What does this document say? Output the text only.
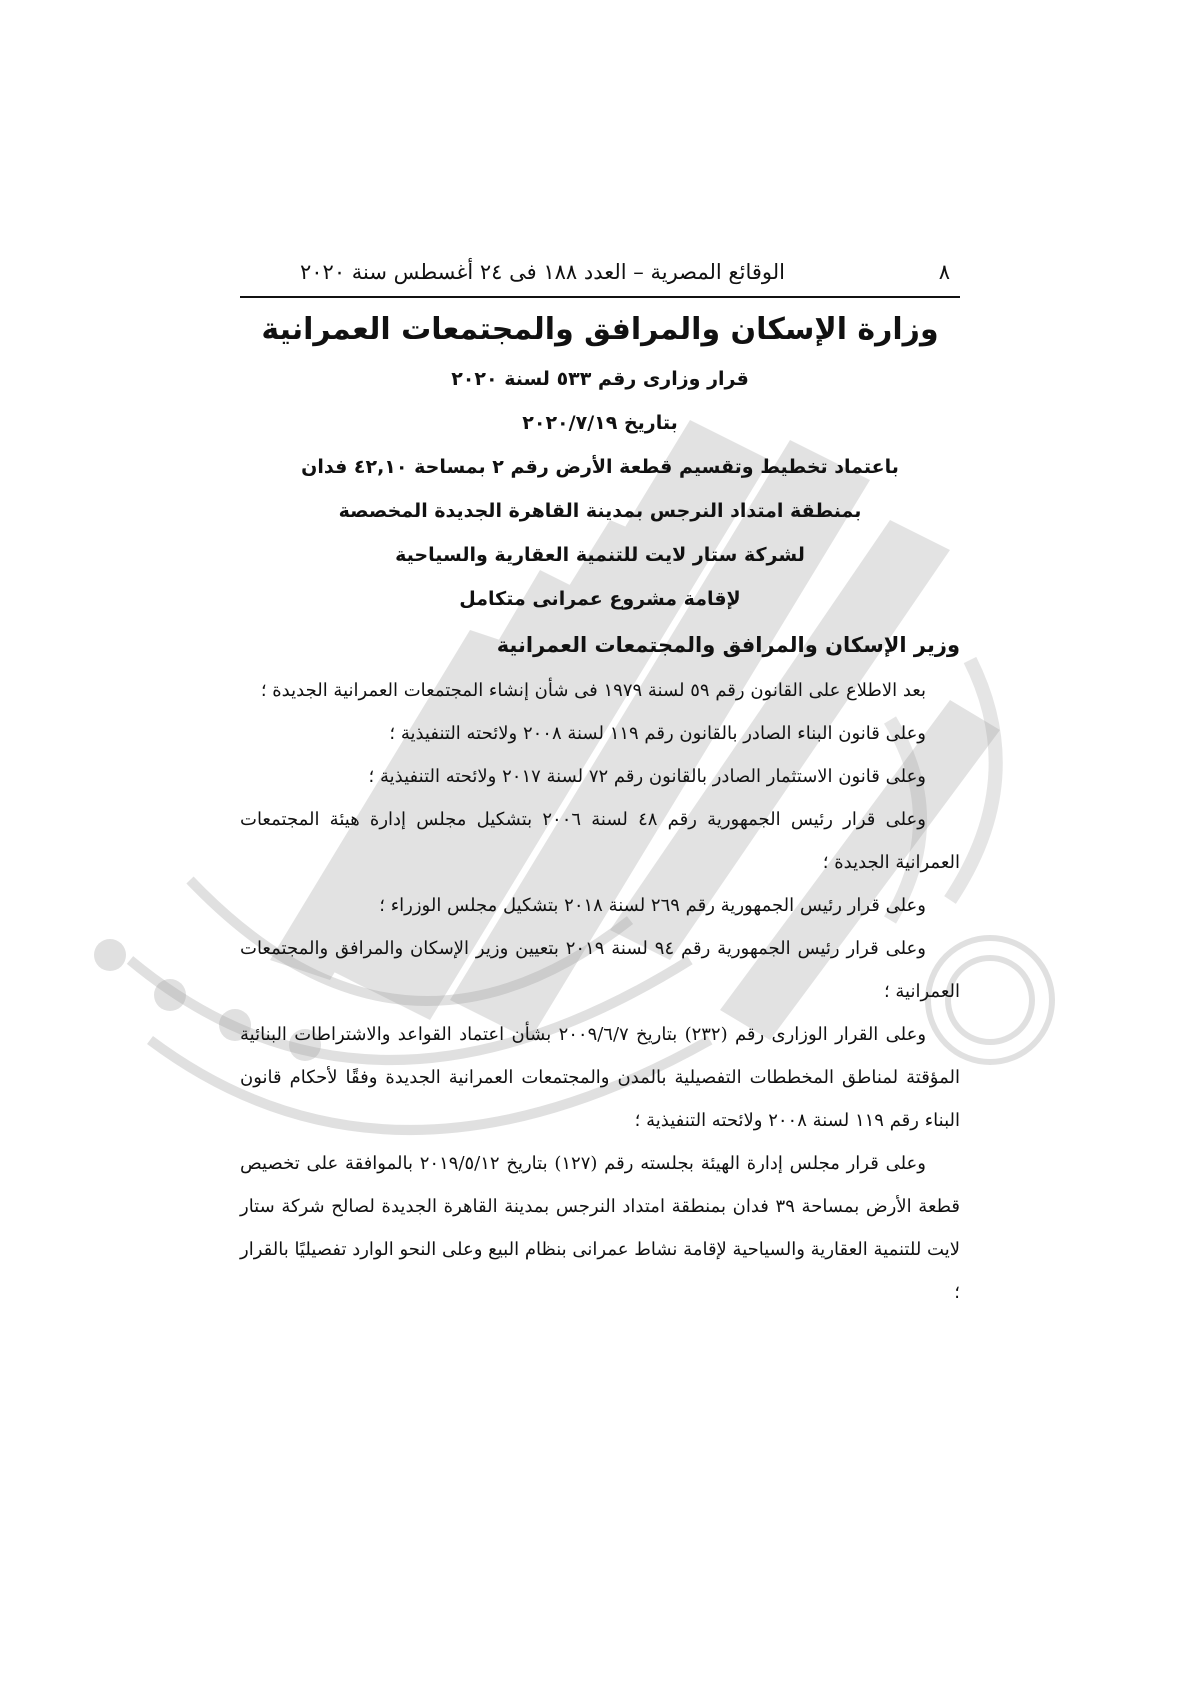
٨
الوقائع المصرية – العدد ١٨٨ فى ٢٤ أغسطس سنة ٢٠٢٠
وزارة الإسكان والمرافق والمجتمعات العمرانية
قرار وزارى رقم ٥٣٣ لسنة ٢٠٢٠
بتاريخ ٢٠٢٠/٧/١٩
باعتماد تخطيط وتقسيم قطعة الأرض رقم ٢ بمساحة ٤٢,١٠ فدان
بمنطقة امتداد النرجس بمدينة القاهرة الجديدة المخصصة
لشركة ستار لايت للتنمية العقارية والسياحية
لإقامة مشروع عمرانى متكامل
وزير الإسكان والمرافق والمجتمعات العمرانية

بعد الاطلاع على القانون رقم ٥٩ لسنة ١٩٧٩ فى شأن إنشاء المجتمعات العمرانية الجديدة ؛

وعلى قانون البناء الصادر بالقانون رقم ١١٩ لسنة ٢٠٠٨ ولائحته التنفيذية ؛

وعلى قانون الاستثمار الصادر بالقانون رقم ٧٢ لسنة ٢٠١٧ ولائحته التنفيذية ؛

وعلى قرار رئيس الجمهورية رقم ٤٨ لسنة ٢٠٠٦ بتشكيل مجلس إدارة هيئة المجتمعات العمرانية الجديدة ؛

وعلى قرار رئيس الجمهورية رقم ٢٦٩ لسنة ٢٠١٨ بتشكيل مجلس الوزراء ؛

وعلى قرار رئيس الجمهورية رقم ٩٤ لسنة ٢٠١٩ بتعيين وزير الإسكان والمرافق والمجتمعات العمرانية ؛

وعلى القرار الوزارى رقم (٢٣٢) بتاريخ ٢٠٠٩/٦/٧ بشأن اعتماد القواعد والاشتراطات البنائية المؤقتة لمناطق المخططات التفصيلية بالمدن والمجتمعات العمرانية الجديدة وفقًا لأحكام قانون البناء رقم ١١٩ لسنة ٢٠٠٨ ولائحته التنفيذية ؛

وعلى قرار مجلس إدارة الهيئة بجلسته رقم (١٢٧) بتاريخ ٢٠١٩/٥/١٢ بالموافقة على تخصيص قطعة الأرض بمساحة ٣٩ فدان بمنطقة امتداد النرجس بمدينة القاهرة الجديدة لصالح شركة ستار لايت للتنمية العقارية والسياحية لإقامة نشاط عمرانى بنظام البيع وعلى النحو الوارد تفصيليًا بالقرار ؛
